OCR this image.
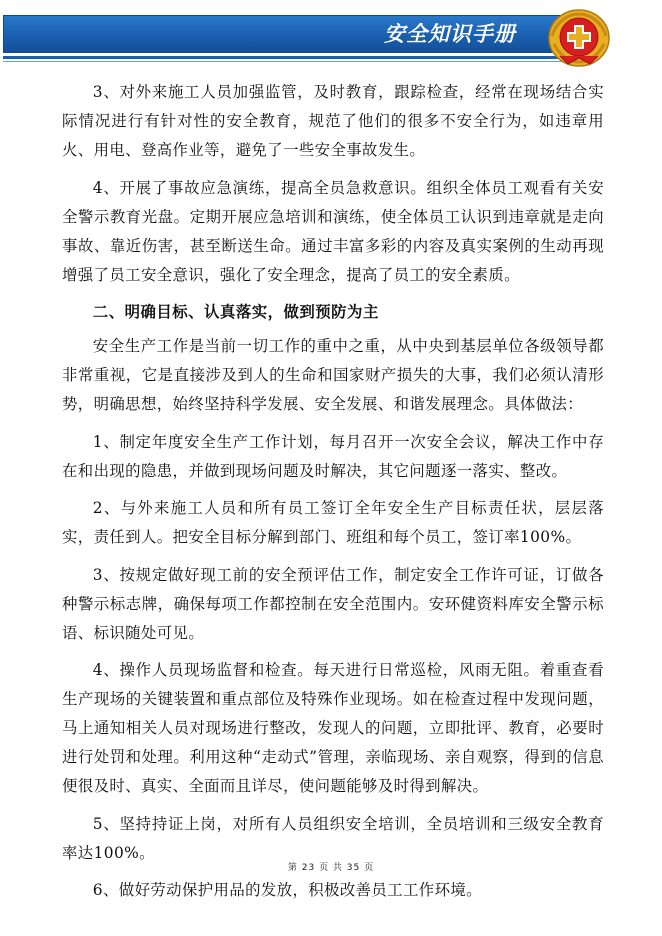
安全知识手册

3、对外来施工人员加强监管，及时教育，跟踪检查，经常在现场结合实际情况进行有针对性的安全教育，规范了他们的很多不安全行为，如违章用火、用电、登高作业等，避免了一些安全事故发生。

4、开展了事故应急演练，提高全员急救意识。组织全体员工观看有关安全警示教育光盘。定期开展应急培训和演练，使全体员工认识到违章就是走向事故、靠近伤害，甚至断送生命。通过丰富多彩的内容及真实案例的生动再现增强了员工安全意识，强化了安全理念，提高了员工的安全素质。

二、明确目标、认真落实，做到预防为主

安全生产工作是当前一切工作的重中之重，从中央到基层单位各级领导都非常重视，它是直接涉及到人的生命和国家财产损失的大事，我们必须认清形势，明确思想，始终坚持科学发展、安全发展、和谐发展理念。具体做法：

1、制定年度安全生产工作计划，每月召开一次安全会议，解决工作中存在和出现的隐患，并做到现场问题及时解决，其它问题逐一落实、整改。

2、与外来施工人员和所有员工签订全年安全生产目标责任状，层层落实，责任到人。把安全目标分解到部门、班组和每个员工，签订率100%。

3、按规定做好现工前的安全预评估工作，制定安全工作许可证，订做各种警示标志牌，确保每项工作都控制在安全范围内。安环健资料库安全警示标语、标识随处可见。

4、操作人员现场监督和检查。每天进行日常巡检，风雨无阻。着重查看生产现场的关键装置和重点部位及特殊作业现场。如在检查过程中发现问题，马上通知相关人员对现场进行整改，发现人的问题，立即批评、教育，必要时进行处罚和处理。利用这种“走动式”管理，亲临现场、亲自观察，得到的信息便很及时、真实、全面而且详尽，使问题能够及时得到解决。

5、坚持持证上岗，对所有人员组织安全培训，全员培训和三级安全教育率达100%。

6、做好劳动保护用品的发放，积极改善员工工作环境。

第 23 页 共 35 页
